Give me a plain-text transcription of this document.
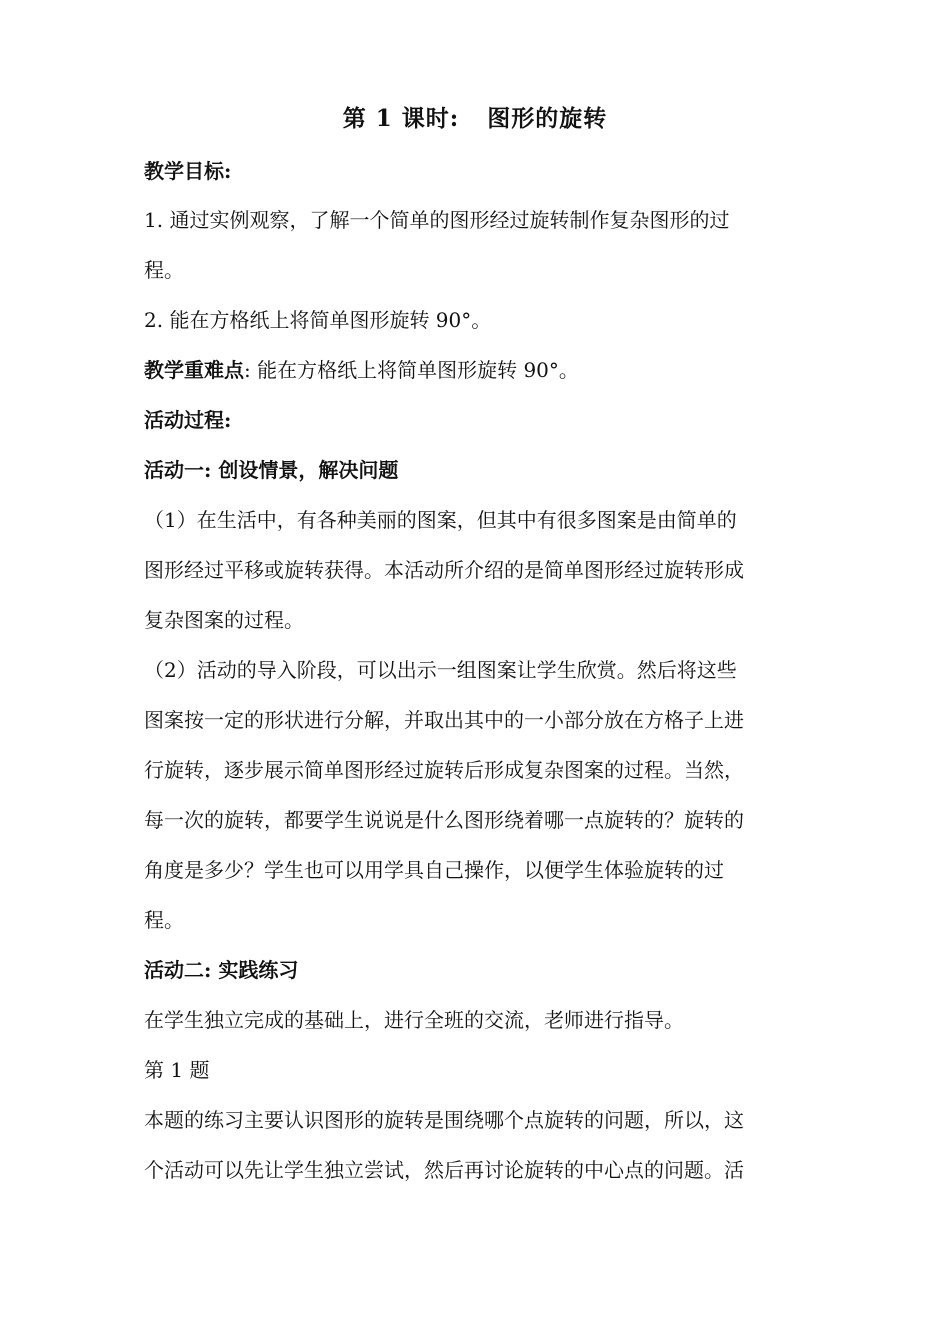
第 1 课时: 图形的旋转
教学目标:
1. 通过实例观察，了解一个简单的图形经过旋转制作复杂图形的过
程。
2. 能在方格纸上将简单图形旋转 90°。
教学重难点: 能在方格纸上将简单图形旋转 90°。
活动过程:
活动一: 创设情景，解决问题
（1）在生活中，有各种美丽的图案，但其中有很多图案是由简单的
图形经过平移或旋转获得。本活动所介绍的是简单图形经过旋转形成
复杂图案的过程。
（2）活动的导入阶段，可以出示一组图案让学生欣赏。然后将这些
图案按一定的形状进行分解，并取出其中的一小部分放在方格子上进
行旋转，逐步展示简单图形经过旋转后形成复杂图案的过程。当然，
每一次的旋转，都要学生说说是什么图形绕着哪一点旋转的？旋转的
角度是多少？学生也可以用学具自己操作，以便学生体验旋转的过
程。
活动二: 实践练习
在学生独立完成的基础上，进行全班的交流，老师进行指导。
第 1 题
本题的练习主要认识图形的旋转是围绕哪个点旋转的问题，所以，这
个活动可以先让学生独立尝试，然后再讨论旋转的中心点的问题。活
